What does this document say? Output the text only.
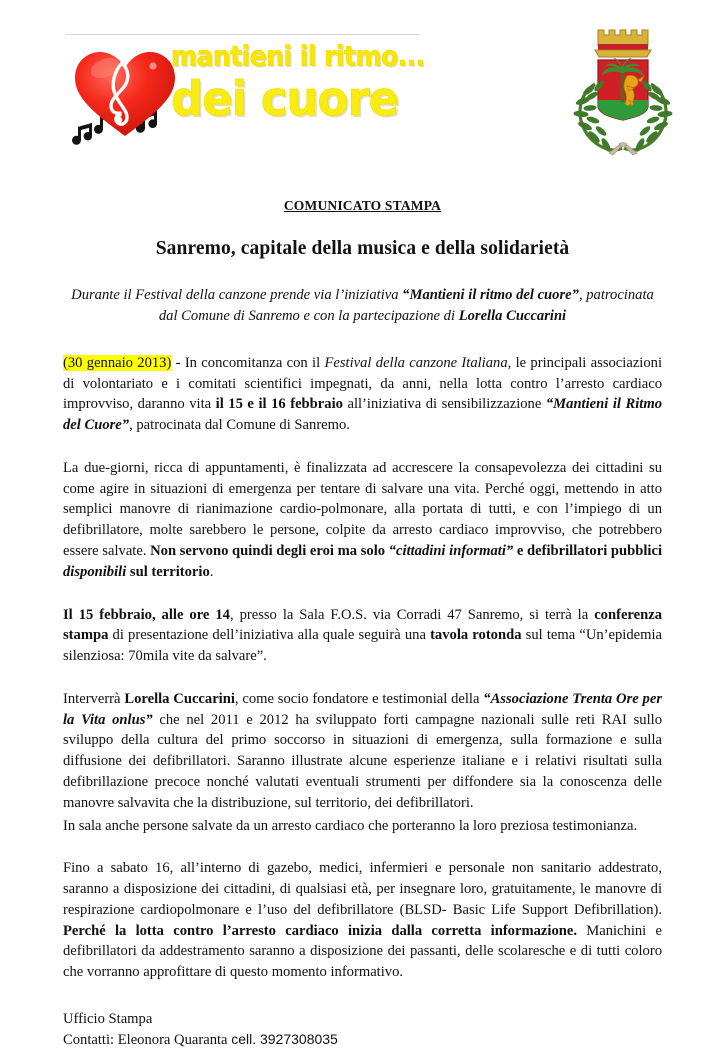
mantieni il ritmo...
dei cuore
COMUNICATO STAMPA
Sanremo, capitale della musica e della solidarietà
Durante il Festival della canzone prende via l’iniziativa “Mantieni il ritmo del cuore”, patrocinata dal Comune di Sanremo e con la partecipazione di Lorella Cuccarini

(30 gennaio 2013) - In concomitanza con il Festival della canzone Italiana, le principali associazioni di volontariato e i comitati scientifici impegnati, da anni, nella lotta contro l’arresto cardiaco improvviso, daranno vita il 15 e il 16 febbraio all’iniziativa di sensibilizzazione “Mantieni il Ritmo del Cuore”, patrocinata dal Comune di Sanremo.

La due-giorni, ricca di appuntamenti, è finalizzata ad accrescere la consapevolezza dei cittadini su come agire in situazioni di emergenza per tentare di salvare una vita. Perché oggi, mettendo in atto semplici manovre di rianimazione cardio-polmonare, alla portata di tutti, e con l’impiego di un defibrillatore, molte sarebbero le persone, colpite da arresto cardiaco improvviso, che potrebbero essere salvate. Non servono quindi degli eroi ma solo “cittadini informati” e defibrillatori pubblici disponibili sul territorio.

Il 15 febbraio, alle ore 14, presso la Sala F.O.S. via Corradi 47 Sanremo, si terrà la conferenza stampa di presentazione dell’iniziativa alla quale seguirà una tavola rotonda sul tema “Un’epidemia silenziosa: 70mila vite da salvare”.

Interverrà Lorella Cuccarini, come socio fondatore e testimonial della “Associazione Trenta Ore per la Vita onlus” che nel 2011 e 2012 ha sviluppato forti campagne nazionali sulle reti RAI sullo sviluppo della cultura del primo soccorso in situazioni di emergenza, sulla formazione e sulla diffusione dei defibrillatori. Saranno illustrate alcune esperienze italiane e i relativi risultati sulla defibrillazione precoce nonché valutati eventuali strumenti per diffondere sia la conoscenza delle manovre salvavita che la distribuzione, sul territorio, dei defibrillatori.

In sala anche persone salvate da un arresto cardiaco che porteranno la loro preziosa testimonianza.

Fino a sabato 16, all’interno di gazebo, medici, infermieri e personale non sanitario addestrato, saranno a disposizione dei cittadini, di qualsiasi età, per insegnare loro, gratuitamente, le manovre di respirazione cardiopolmonare e l’uso del defibrillatore (BLSD- Basic Life Support Defibrillation). Perché la lotta contro l’arresto cardiaco inizia dalla corretta informazione. Manichini e defibrillatori da addestramento saranno a disposizione dei passanti, delle scolaresche e di tutti coloro che vorranno approfittare di questo momento informativo.

Ufficio Stampa
Contatti: Eleonora Quaranta cell. 3927308035
